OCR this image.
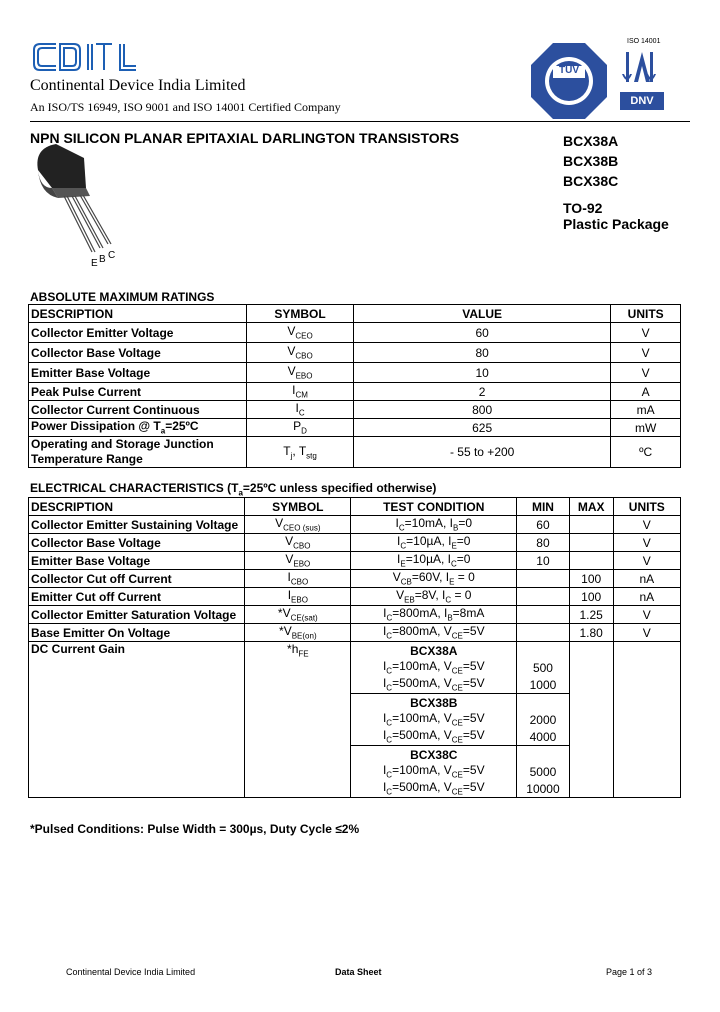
Continental Device India Limited
An ISO/TS 16949, ISO 9001 and ISO 14001 Certified Company
TÜV
ISO 14001
DNV
NPN SILICON PLANAR EPITAXIAL DARLINGTON TRANSISTORS	BCX38A
BCX38B
BCX38C
TO-92
Plastic Package
E B C
ABSOLUTE MAXIMUM RATINGS
DESCRIPTION	SYMBOL	VALUE	UNITS
Collector Emitter Voltage	$V_{CEO}$	60	V
Collector Base Voltage	$V_{CBO}$	80	V
Emitter Base Voltage	$V_{EBO}$	10	V
Peak Pulse Current	$I_{CM}$	2	A
Collector Current Continuous	$I_C$	800	mA
Power Dissipation @ $T_a=25ºC$	$P_D$	625	mW

Operating and Storage Junction
Temperature Range	$T_j$, $T_{stg}$	- 55 to +200	ºC
ELECTRICAL CHARACTERISTICS ($T_a=25ºC$ unless specified otherwise)
DESCRIPTION	SYMBOL	TEST CONDITION	MIN	MAX	UNITS
Collector Emitter Sustaining Voltage	$V_{CEO (sus)}$	$I_C=10mA$, $I_B=0$	60		V
Collector Base Voltage	$V_{CBO}$	$I_C=10\mu A$, $I_E=0$	80		V
Emitter Base Voltage	$V_{EBO}$	$I_E=10\mu A$, $I_C=0$	10		V
Collector Cut off Current	$I_{CBO}$	$V_{CB}=60V$, $I_E = 0$		100	nA
Emitter Cut off Current	$I_{EBO}$	$V_{EB}=8V$, $I_C = 0$		100	nA
Collector Emitter Saturation Voltage	$*V_{CE(sat)}$	$I_C=800mA$, $I_B=8mA$		1.25	V
Base Emitter On Voltage	$*V_{BE(on)}$	$I_C=800mA$, $V_{CE}=5V$		1.80	V
DC Current Gain	$*h_{FE}$	BCX38A			
		$I_C=100mA$, $V_{CE}=5V$	500		
		$I_C=500mA$, $V_{CE}=5V$	1000		
		BCX38B			
		$I_C=100mA$, $V_{CE}=5V$	2000		
		$I_C=500mA$, $V_{CE}=5V$	4000		
		BCX38C			
		$I_C=100mA$, $V_{CE}=5V$	5000		
		$I_C=500mA$, $V_{CE}=5V$	10000		
*Pulsed Conditions: Pulse Width = 300µs, Duty Cycle ≤2%
Continental Device India Limited	Data Sheet	Page 1 of 3
